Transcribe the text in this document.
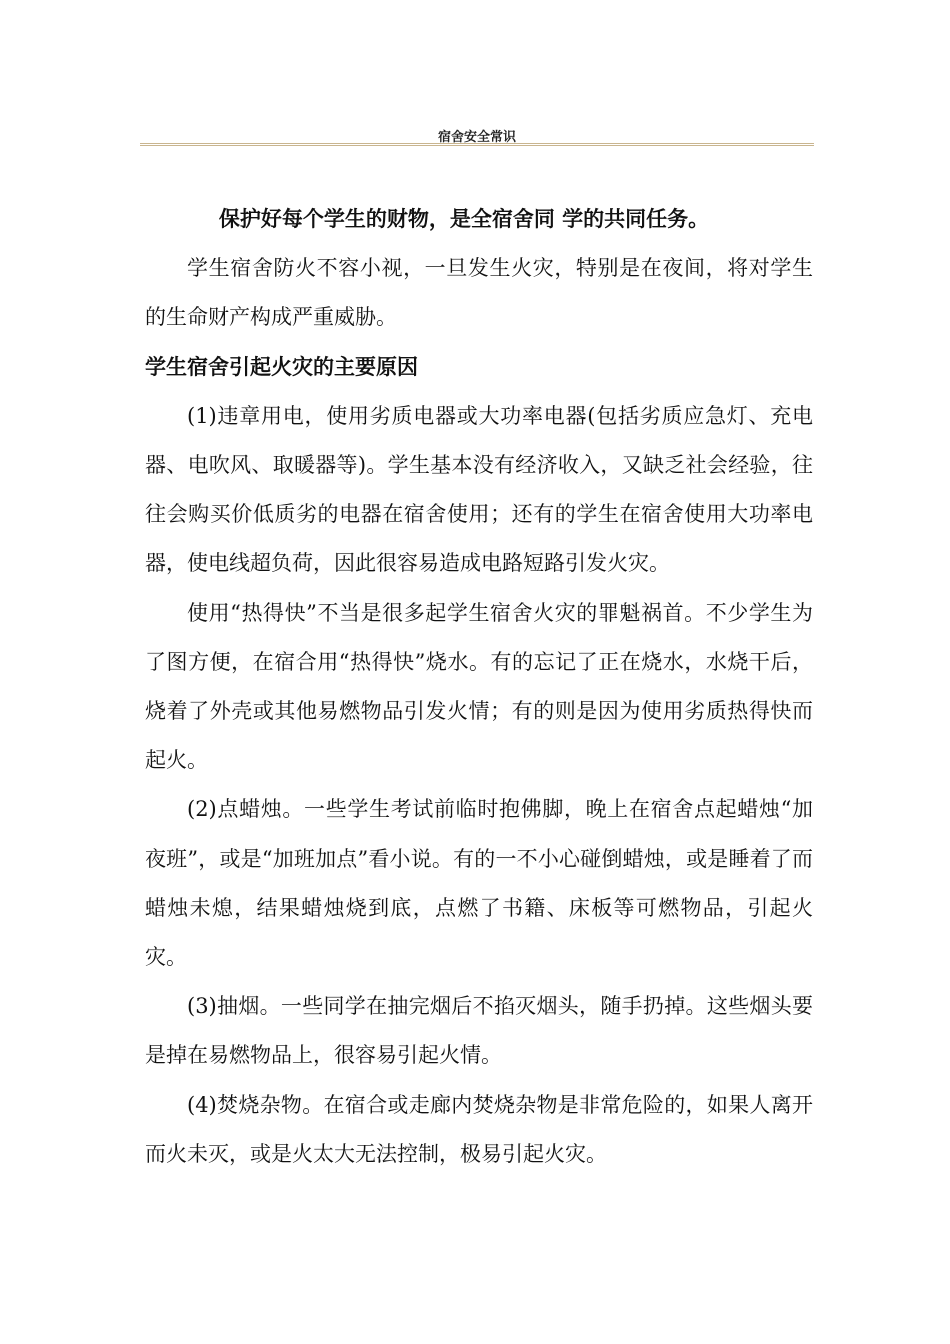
宿舍安全常识

保护好每个学生的财物，是全宿舍同 学的共同任务。

学生宿舍防火不容小视，一旦发生火灾，特别是在夜间，将对学生的生命财产构成严重威胁。

学生宿舍引起火灾的主要原因

(1)违章用电，使用劣质电器或大功率电器(包括劣质应急灯、充电器、电吹风、取暖器等)。学生基本没有经济收入，又缺乏社会经验，往往会购买价低质劣的电器在宿舍使用；还有的学生在宿舍使用大功率电器，使电线超负荷，因此很容易造成电路短路引发火灾。

使用“热得快”不当是很多起学生宿舍火灾的罪魁祸首。不少学生为了图方便，在宿合用“热得快”烧水。有的忘记了正在烧水，水烧干后，烧着了外壳或其他易燃物品引发火情；有的则是因为使用劣质热得快而起火。

(2)点蜡烛。一些学生考试前临时抱佛脚，晚上在宿舍点起蜡烛“加夜班”，或是“加班加点”看小说。有的一不小心碰倒蜡烛，或是睡着了而蜡烛未熄，结果蜡烛烧到底，点燃了书籍、床板等可燃物品，引起火灾。

(3)抽烟。一些同学在抽完烟后不掐灭烟头，随手扔掉。这些烟头要是掉在易燃物品上，很容易引起火情。

(4)焚烧杂物。在宿合或走廊内焚烧杂物是非常危险的，如果人离开而火未灭，或是火太大无法控制，极易引起火灾。
